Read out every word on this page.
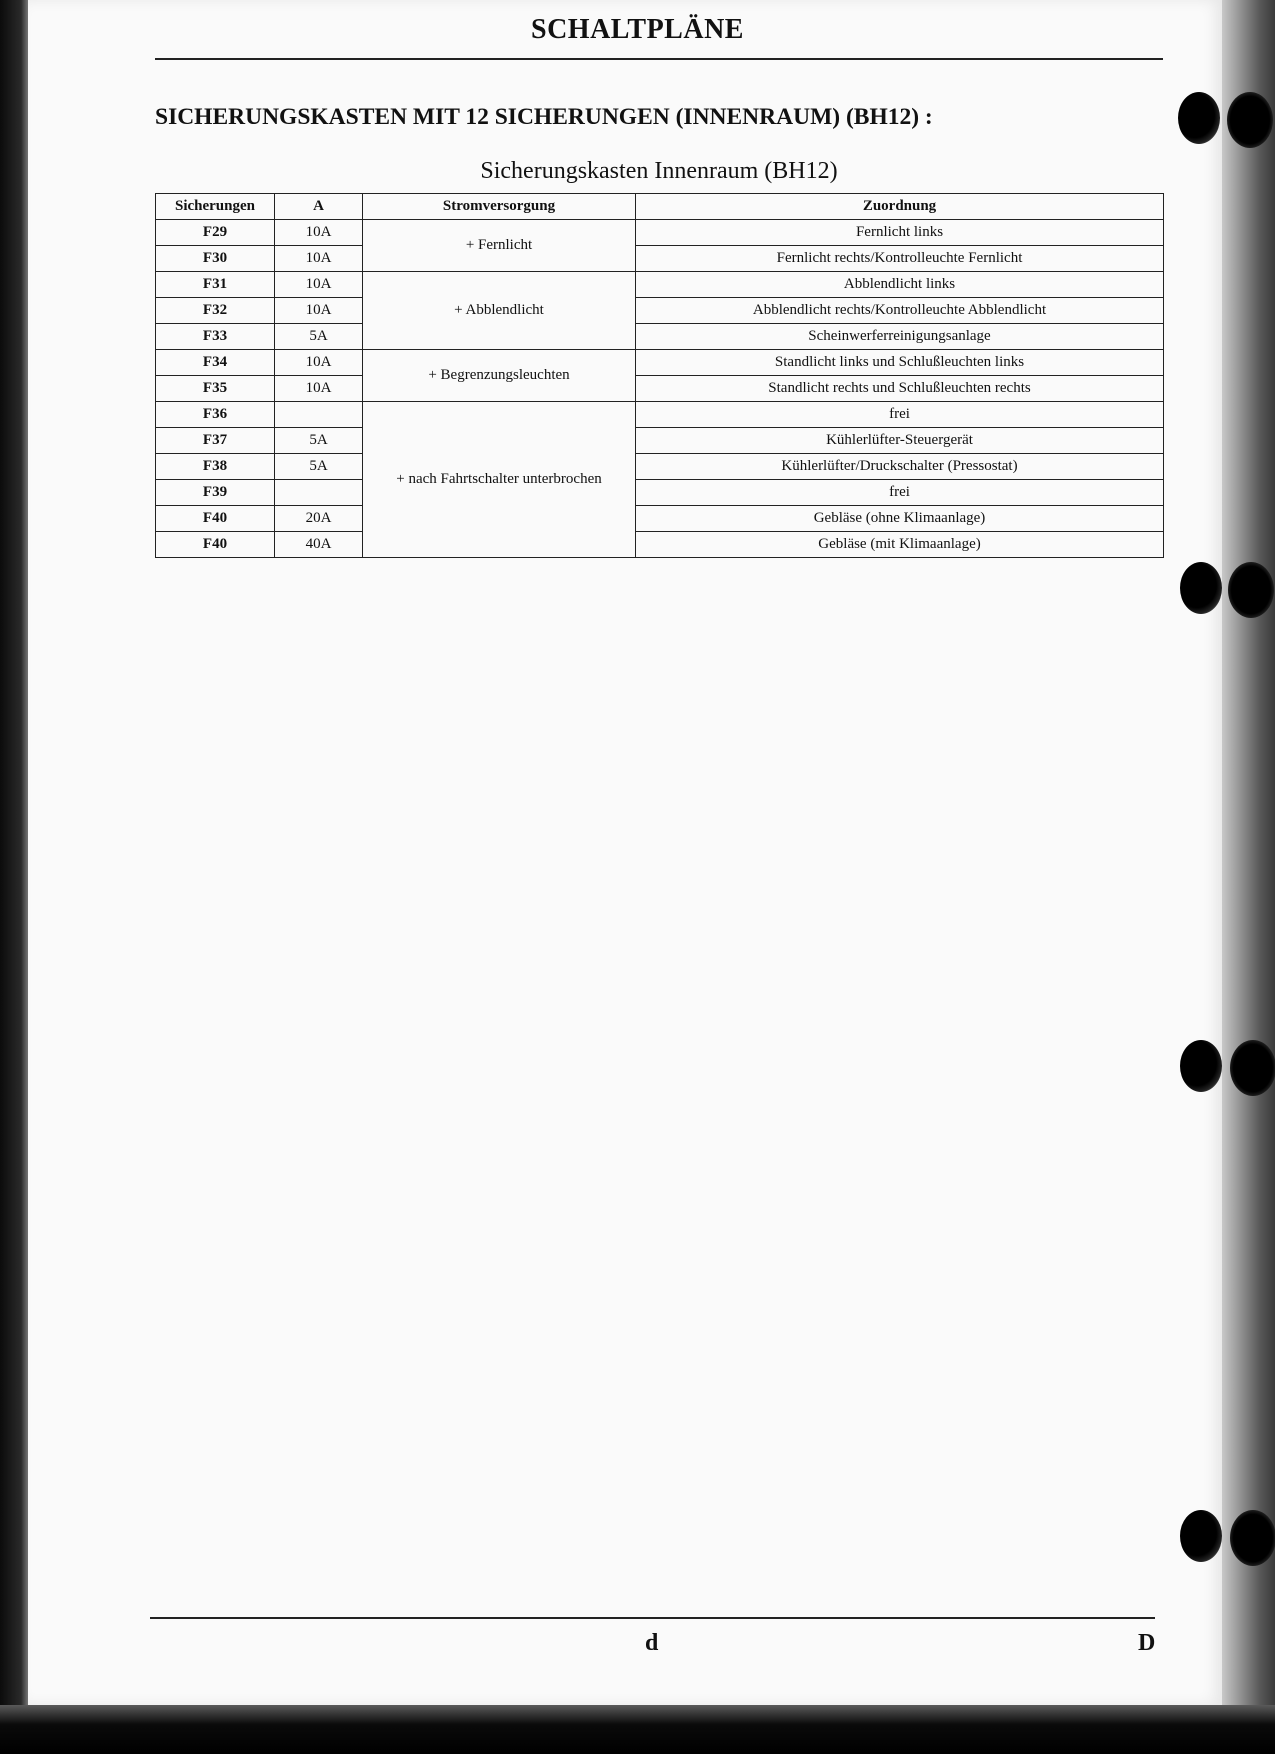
SCHALTPLÄNE
SICHERUNGSKASTEN MIT 12 SICHERUNGEN (INNENRAUM) (BH12) :
Sicherungskasten Innenraum (BH12)
Sicherungen	A	Stromversorgung	Zuordnung
F29	10A	+ Fernlicht	Fernlicht links
F30	10A		Fernlicht rechts/Kontrolleuchte Fernlicht
F31	10A	+ Abblendlicht	Abblendlicht links
F32	10A		Abblendlicht rechts/Kontrolleuchte Abblendlicht
F33	5A		Scheinwerferreinigungsanlage
F34	10A	+ Begrenzungsleuchten	Standlicht links und Schlußleuchten links
F35	10A		Standlicht rechts und Schlußleuchten rechts
F36		+ nach Fahrtschalter unterbrochen	frei
F37	5A		Kühlerlüfter-Steuergerät
F38	5A		Kühlerlüfter/Druckschalter (Pressostat)
F39			frei
F40	20A		Gebläse (ohne Klimaanlage)
F40	40A		Gebläse (mit Klimaanlage)
d	D
